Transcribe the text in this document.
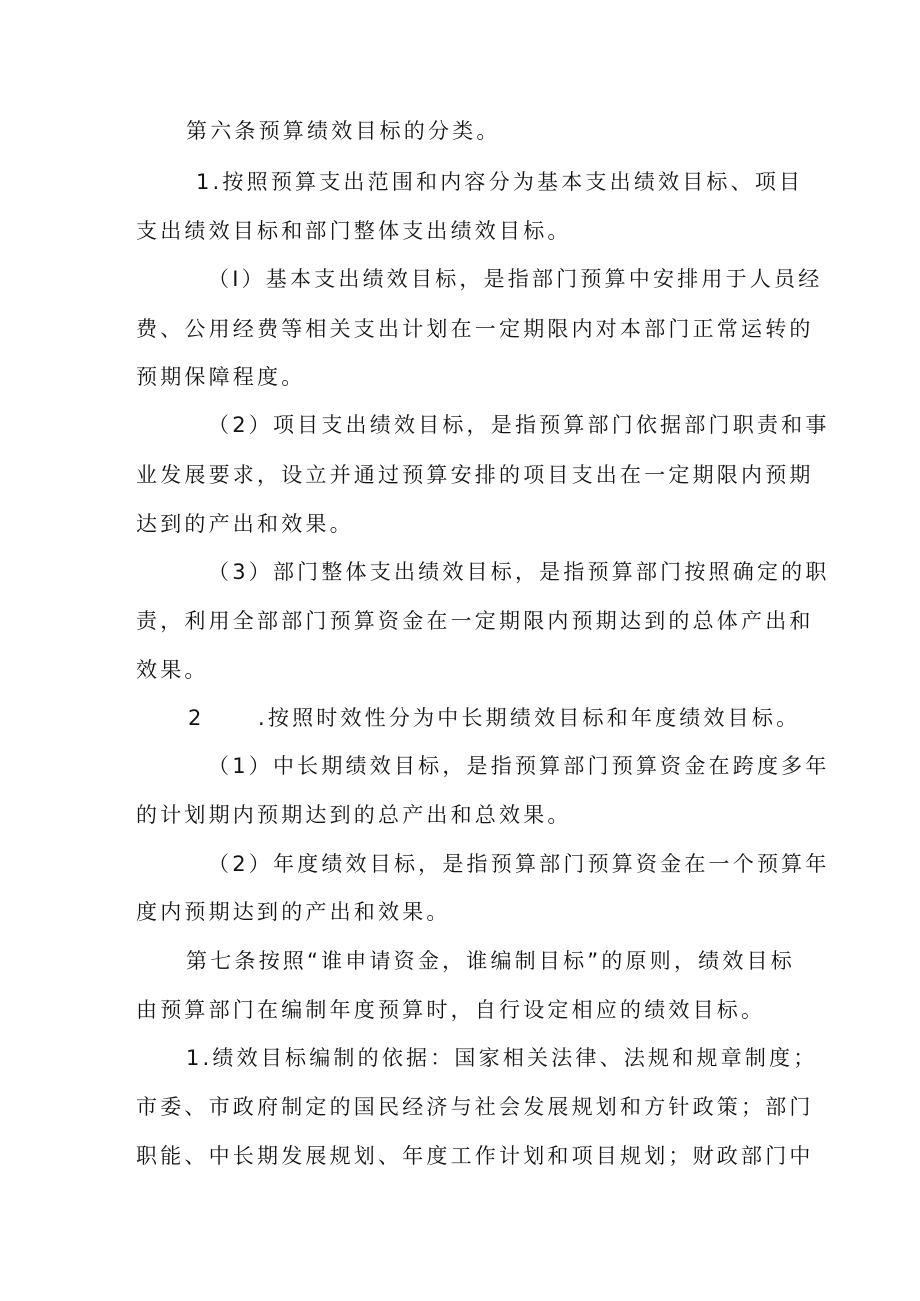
第六条预算绩效目标的分类。
1.按照预算支出范围和内容分为基本支出绩效目标、项目
支出绩效目标和部门整体支出绩效目标。
（I）基本支出绩效目标，是指部门预算中安排用于人员经
费、公用经费等相关支出计划在一定期限内对本部门正常运转的
预期保障程度。
（2）项目支出绩效目标，是指预算部门依据部门职责和事
业发展要求，设立并通过预算安排的项目支出在一定期限内预期
达到的产出和效果。
（3）部门整体支出绩效目标，是指预算部门按照确定的职
责，利用全部部门预算资金在一定期限内预期达到的总体产出和
效果。
2	.按照时效性分为中长期绩效目标和年度绩效目标。
（1）中长期绩效目标，是指预算部门预算资金在跨度多年
的计划期内预期达到的总产出和总效果。
（2）年度绩效目标，是指预算部门预算资金在一个预算年
度内预期达到的产出和效果。
第七条按照“谁申请资金，谁编制目标”的原则，绩效目标
由预算部门在编制年度预算时，自行设定相应的绩效目标。
1.绩效目标编制的依据：国家相关法律、法规和规章制度；
市委、市政府制定的国民经济与社会发展规划和方针政策；部门
职能、中长期发展规划、年度工作计划和项目规划；财政部门中
